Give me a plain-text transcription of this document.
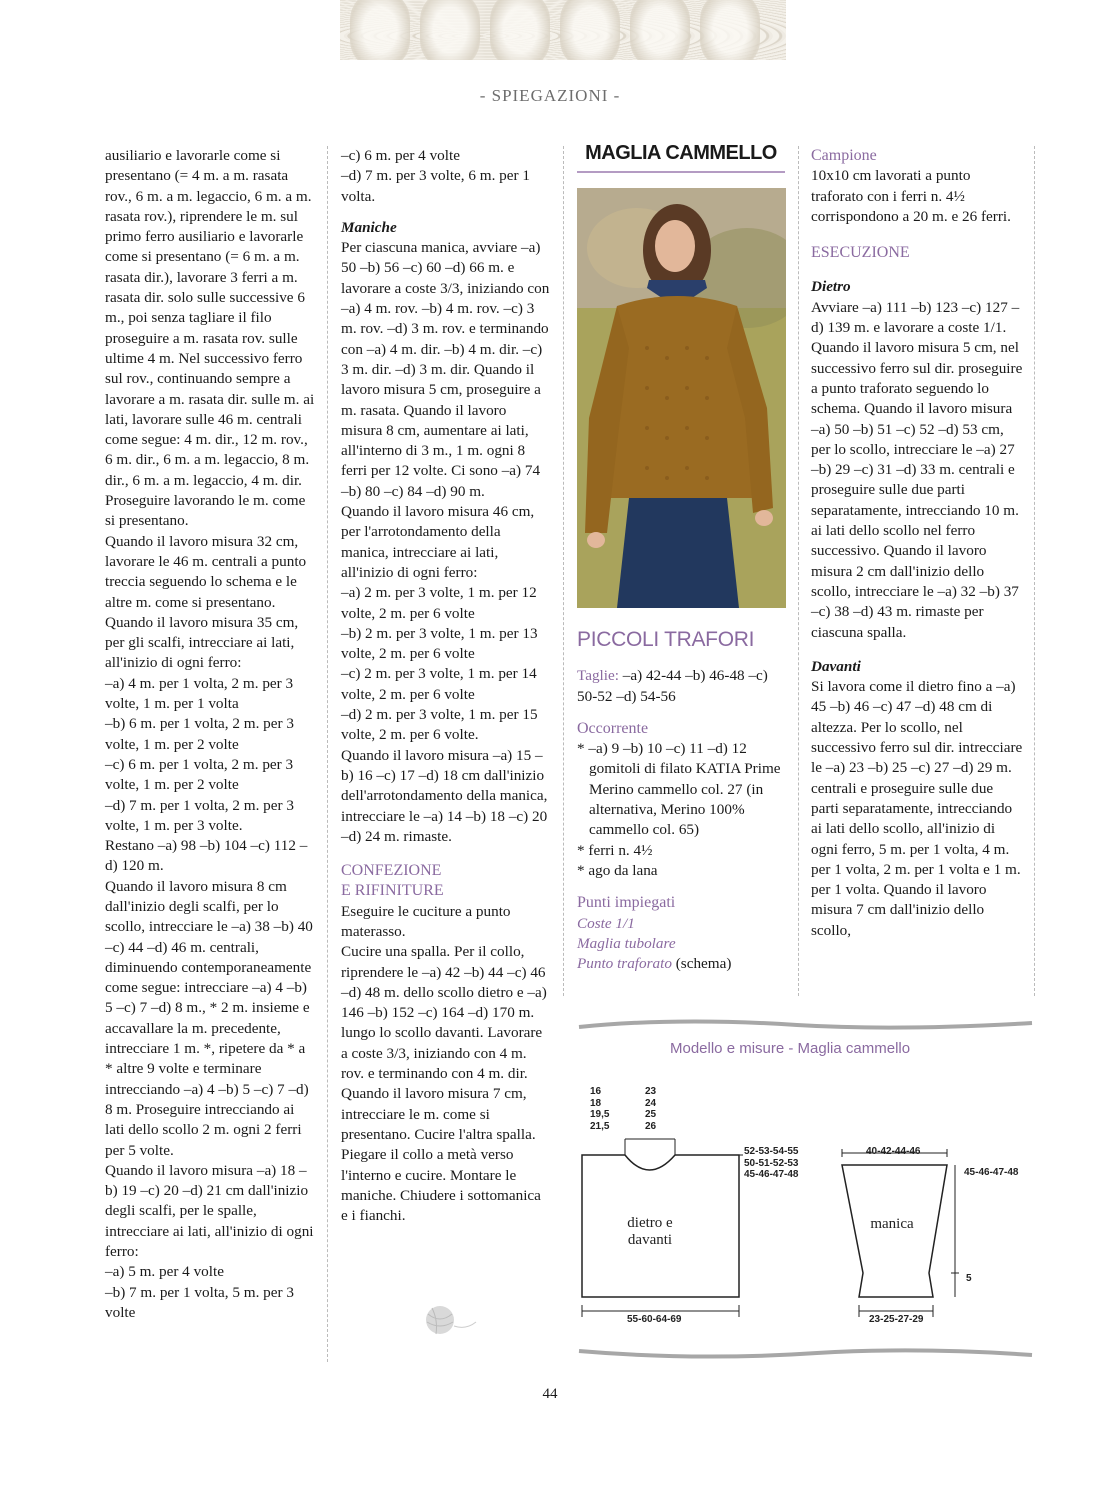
- SPIEGAZIONI -

ausiliario e lavorarle come si presentano (= 4 m. a m. rasata rov., 6 m. a m. legaccio, 6 m. a m. rasata rov.), riprendere le m. sul primo ferro ausiliario e lavorarle come si presentano (= 6 m. a m. rasata dir.), lavorare 3 ferri a m. rasata dir. solo sulle successive 6 m., poi senza tagliare il filo proseguire a m. rasata rov. sulle ultime 4 m. Nel successivo ferro sul rov., continuando sempre a lavorare a m. rasata dir. sulle m. ai lati, lavorare sulle 46 m. centrali come segue: 4 m. dir., 12 m. rov., 6 m. dir., 6 m. a m. legaccio, 8 m. dir., 6 m. a m. legaccio, 4 m. dir. Proseguire lavorando le m. come si presentano.

Quando il lavoro misura 32 cm, lavorare le 46 m. centrali a punto treccia seguendo lo schema e le altre m. come si presentano.

Quando il lavoro misura 35 cm, per gli scalfi, intrecciare ai lati, all'inizio di ogni ferro:

–a) 4 m. per 1 volta, 2 m. per 3 volte, 1 m. per 1 volta

–b) 6 m. per 1 volta, 2 m. per 3 volte, 1 m. per 2 volte

–c) 6 m. per 1 volta, 2 m. per 3 volte, 1 m. per 2 volte

–d) 7 m. per 1 volta, 2 m. per 3 volte, 1 m. per 3 volte.

Restano –a) 98 –b) 104 –c) 112 –d) 120 m.

Quando il lavoro misura 8 cm dall'inizio degli scalfi, per lo scollo, intrecciare le –a) 38 –b) 40 –c) 44 –d) 46 m. centrali, diminuendo contemporaneamente come segue: intrecciare –a) 4 –b) 5 –c) 7 –d) 8 m., * 2 m. insieme e accavallare la m. precedente, intrecciare 1 m. *, ripetere da * a * altre 9 volte e terminare intrecciando –a) 4 –b) 5 –c) 7 –d) 8 m. Proseguire intrecciando ai lati dello scollo 2 m. ogni 2 ferri per 5 volte.

Quando il lavoro misura –a) 18 –b) 19 –c) 20 –d) 21 cm dall'inizio degli scalfi, per le spalle, intrecciare ai lati, all'inizio di ogni ferro:

–a) 5 m. per 4 volte

–b) 7 m. per 1 volta, 5 m. per 3 volte

–c) 6 m. per 4 volte

–d) 7 m. per 3 volte, 6 m. per 1 volta.

Maniche

Per ciascuna manica, avviare –a) 50 –b) 56 –c) 60 –d) 66 m. e lavorare a coste 3/3, iniziando con –a) 4 m. rov. –b) 4 m. rov. –c) 3 m. rov. –d) 3 m. rov. e terminando con –a) 4 m. dir. –b) 4 m. dir. –c) 3 m. dir. –d) 3 m. dir. Quando il lavoro misura 5 cm, proseguire a m. rasata. Quando il lavoro misura 8 cm, aumentare ai lati, all'interno di 3 m., 1 m. ogni 8 ferri per 12 volte. Ci sono –a) 74 –b) 80 –c) 84 –d) 90 m.

Quando il lavoro misura 46 cm, per l'arrotondamento della manica, intrecciare ai lati, all'inizio di ogni ferro:

–a) 2 m. per 3 volte, 1 m. per 12 volte, 2 m. per 6 volte

–b) 2 m. per 3 volte, 1 m. per 13 volte, 2 m. per 6 volte

–c) 2 m. per 3 volte, 1 m. per 14 volte, 2 m. per 6 volte

–d) 2 m. per 3 volte, 1 m. per 15 volte, 2 m. per 6 volte.

Quando il lavoro misura –a) 15 –b) 16 –c) 17 –d) 18 cm dall'inizio dell'arrotondamento della manica, intrecciare le –a) 14 –b) 18 –c) 20 –d) 24 m. rimaste.

CONFEZIONE

E RIFINITURE

Eseguire le cuciture a punto materasso.

Cucire una spalla. Per il collo, riprendere le –a) 42 –b) 44 –c) 46 –d) 48 m. dello scollo dietro e –a) 146 –b) 152 –c) 164 –d) 170 m. lungo lo scollo davanti. Lavorare a coste 3/3, iniziando con 4 m. rov. e terminando con 4 m. dir. Quando il lavoro misura 7 cm, intrecciare le m. come si presentano. Cucire l'altra spalla. Piegare il collo a metà verso l'interno e cucire. Montare le maniche. Chiudere i sottomanica e i fianchi.

MAGLIA CAMMELLO

PICCOLI TRAFORI

Taglie: –a) 42-44 –b) 46-48 –c) 50-52 –d) 54-56

Occorrente

* –a) 9 –b) 10 –c) 11 –d) 12 gomitoli di filato KATIA Prime Merino cammello col. 27 (in alternativa, Merino 100% cammello col. 65)

* ferri n. 4½

* ago da lana

Punti impiegati

Coste 1/1

Maglia tubolare

Punto traforato (schema)

Campione

10x10 cm lavorati a punto traforato con i ferri n. 4½ corrispondono a 20 m. e 26 ferri.

ESECUZIONE

Dietro

Avviare –a) 111 –b) 123 –c) 127 –d) 139 m. e lavorare a coste 1/1.

Quando il lavoro misura 5 cm, nel successivo ferro sul dir. proseguire a punto traforato seguendo lo schema. Quando il lavoro misura –a) 50 –b) 51 –c) 52 –d) 53 cm, per lo scollo, intrecciare le –a) 27 –b) 29 –c) 31 –d) 33 m. centrali e proseguire sulle due parti separatamente, intrecciando 10 m. ai lati dello scollo nel ferro successivo. Quando il lavoro misura 2 cm dall'inizio dello scollo, intrecciare le –a) 32 –b) 37 –c) 38 –d) 43 m. rimaste per ciascuna spalla.

Davanti

Si lavora come il dietro fino a –a) 45 –b) 46 –c) 47 –d) 48 cm di altezza. Per lo scollo, nel successivo ferro sul dir. intrecciare le –a) 23 –b) 25 –c) 27 –d) 29 m. centrali e proseguire sulle due parti separatamente, intrecciando ai lati dello scollo, all'inizio di ogni ferro, 5 m. per 1 volta, 4 m. per 1 volta, 2 m. per 1 volta e 1 m. per 1 volta. Quando il lavoro misura 7 cm dall'inizio dello scollo,

Modello e misure - Maglia cammello
16
18
19,5
21,5
23
24
25
26
52-53-54-55
50-51-52-53
45-46-47-48
dietro e
davanti
55-60-64-69
40-42-44-46
45-46-47-48
5
manica
23-25-27-29
44
